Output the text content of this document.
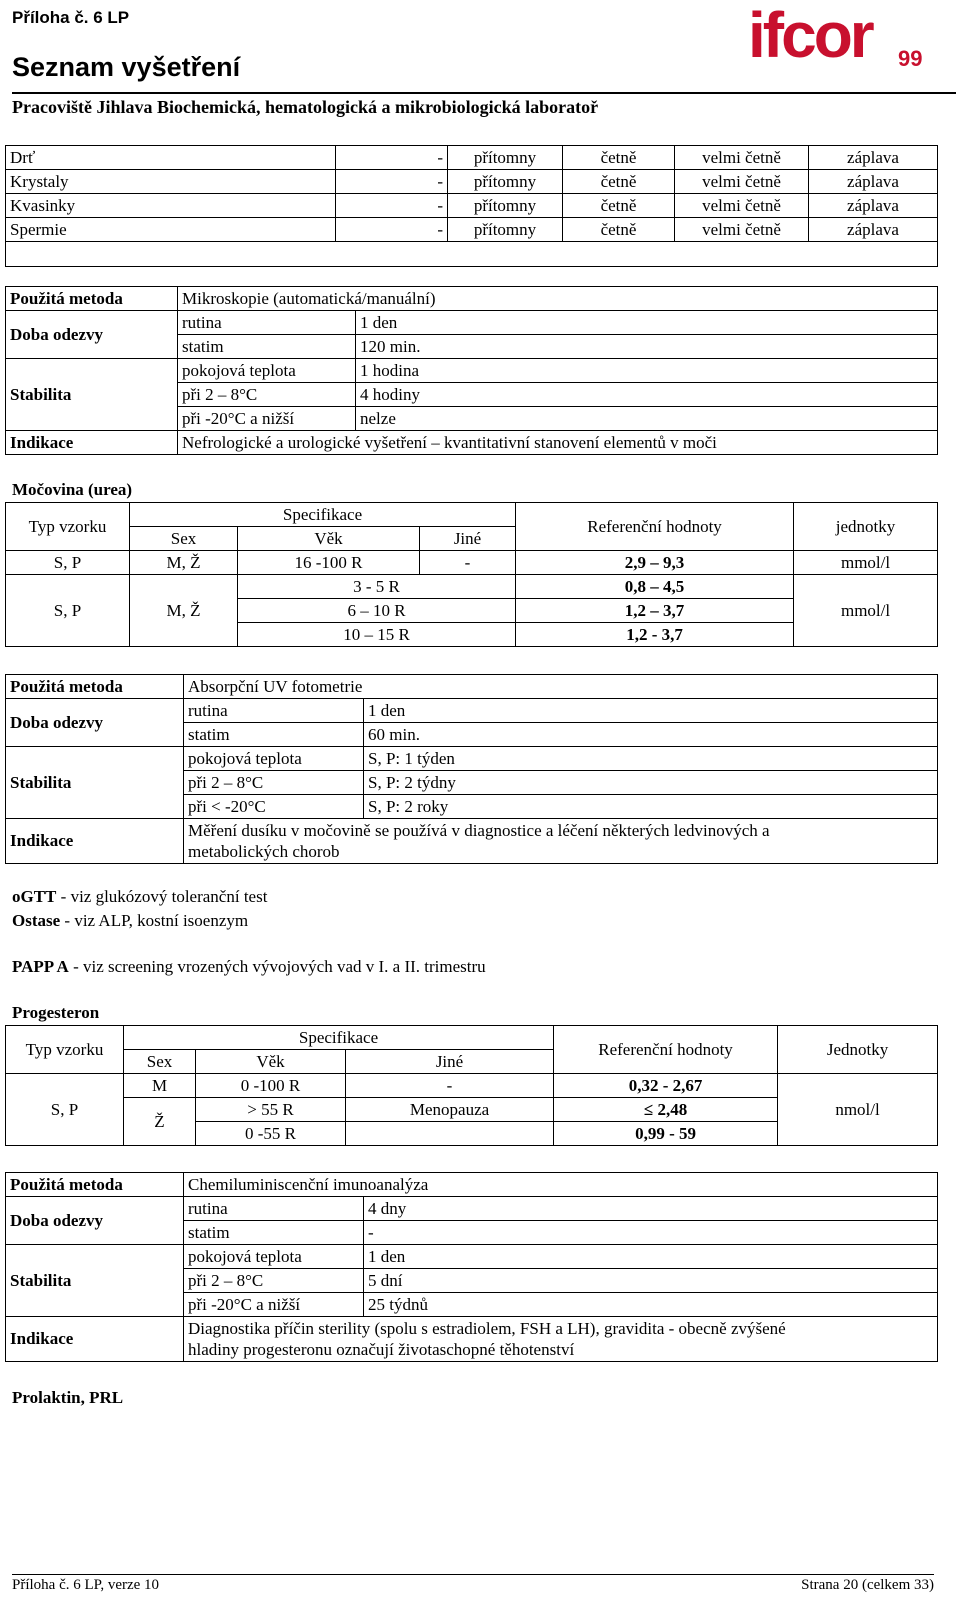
Příloha č. 6 LP
Seznam vyšetření
Pracoviště Jihlava Biochemická, hematologická a mikrobiologická laboratoř
ifcor 99
Drť	-	přítomny	četně	velmi četně	záplava
Krystaly	-	přítomny	četně	velmi četně	záplava
Kvasinky	-	přítomny	četně	velmi četně	záplava
Spermie	-	přítomny	četně	velmi četně	záplava

Použitá metoda	Mikroskopie (automatická/manuální)	
Doba odezvy	rutina	1 den
	statim	120 min.
Stabilita	pokojová teplota	1 hodina
	při 2 – 8°C	4 hodiny
	při -20°C a nižší	nelze
Indikace	Nefrologické a urologické vyšetření – kvantitativní stanovení elementů v moči	
Močovina (urea)
Typ vzorku	Specifikace			Referenční hodnoty	jednotky
	Sex	Věk	Jiné		
S, P	M, Ž	16 -100 R	-	2,9 – 9,3	mmol/l
S, P	M, Ž	3 - 5 R		0,8 – 4,5	mmol/l
		6 – 10 R		1,2 – 3,7	
		10 – 15 R		1,2 - 3,7	
Použitá metoda	Absorpční UV fotometrie	
Doba odezvy	rutina	1 den
	statim	60 min.
Stabilita	pokojová teplota	S, P: 1 týden
	při 2 – 8°C	S, P: 2 týdny
	při < -20°C	S, P: 2 roky
Indikace	Měření dusíku v močovině se používá v diagnostice a léčení některých ledvinových a
metabolických chorob	
oGTT - viz glukózový toleranční test
Ostase - viz ALP, kostní isoenzym
PAPP A - viz screening vrozených vývojových vad v I. a II. trimestru
Progesteron
Typ vzorku	Specifikace			Referenční hodnoty	Jednotky
	Sex	Věk	Jiné		
S, P	M	0 -100 R	-	0,32 - 2,67	nmol/l
	Ž	> 55 R	Menopauza	≤ 2,48	
		0 -55 R		0,99 - 59	
Použitá metoda	Chemiluminiscenční imunoanalýza	
Doba odezvy	rutina	4 dny
	statim	-
Stabilita	pokojová teplota	1 den
	při 2 – 8°C	5 dní
	při -20°C a nižší	25 týdnů
Indikace	Diagnostika příčin sterility (spolu s estradiolem, FSH a LH), gravidita - obecně zvýšené
hladiny progesteronu označují životaschopné těhotenství	
Prolaktin, PRL
Příloha č. 6 LP, verze 10	Strana 20 (celkem 33)
